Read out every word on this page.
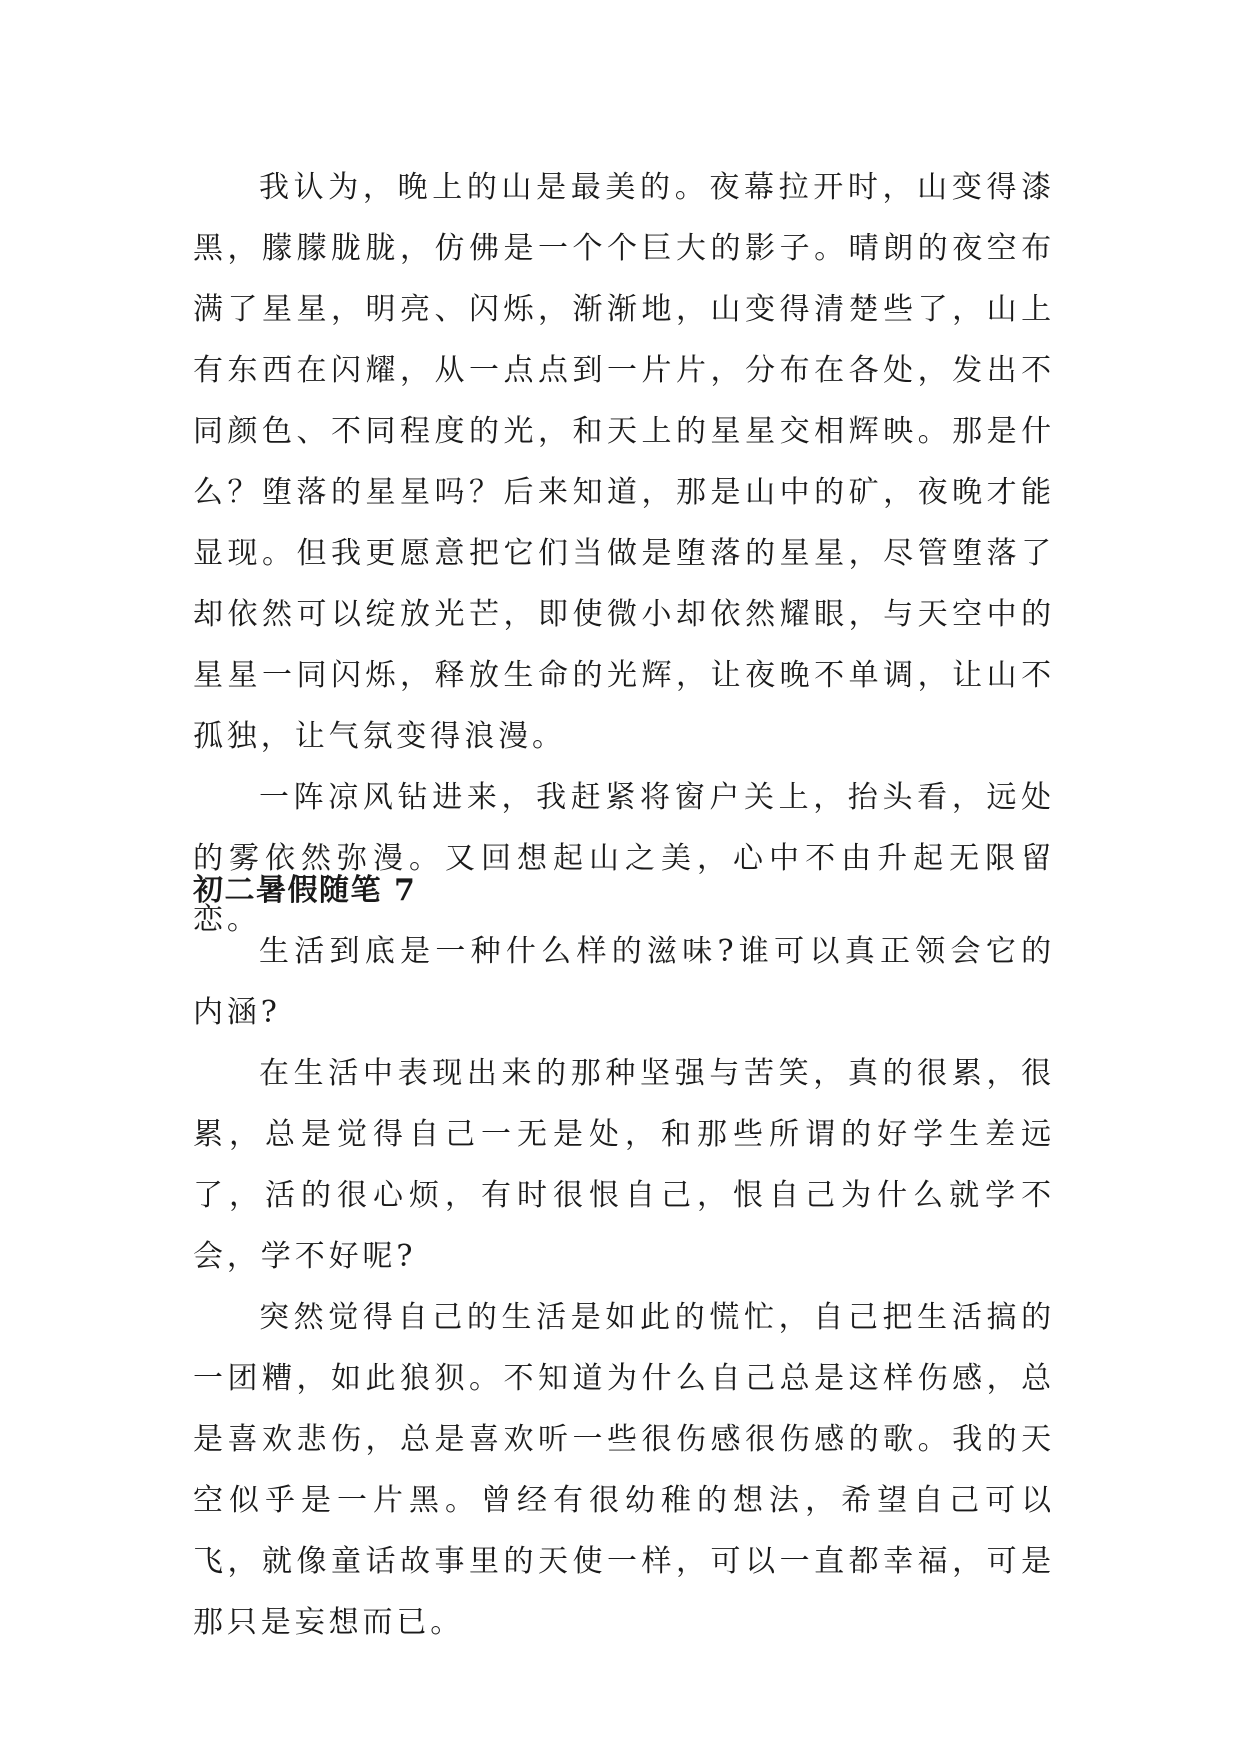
我认为，晚上的山是最美的。夜幕拉开时，山变得漆黑，朦朦胧胧，仿佛是一个个巨大的影子。晴朗的夜空布满了星星，明亮、闪烁，渐渐地，山变得清楚些了，山上有东西在闪耀，从一点点到一片片，分布在各处，发出不同颜色、不同程度的光，和天上的星星交相辉映。那是什么？堕落的星星吗？后来知道，那是山中的矿，夜晚才能显现。但我更愿意把它们当做是堕落的星星，尽管堕落了却依然可以绽放光芒，即使微小却依然耀眼，与天空中的星星一同闪烁，释放生命的光辉，让夜晚不单调，让山不孤独，让气氛变得浪漫。

一阵凉风钻进来，我赶紧将窗户关上，抬头看，远处的雾依然弥漫。又回想起山之美，心中不由升起无限留恋。

初二暑假随笔 7

生活到底是一种什么样的滋味?谁可以真正领会它的内涵?

在生活中表现出来的那种坚强与苦笑，真的很累，很累，总是觉得自己一无是处，和那些所谓的好学生差远了，活的很心烦，有时很恨自己，恨自己为什么就学不会，学不好呢?

突然觉得自己的生活是如此的慌忙，自己把生活搞的一团糟，如此狼狈。不知道为什么自己总是这样伤感，总是喜欢悲伤，总是喜欢听一些很伤感很伤感的歌。我的天空似乎是一片黑。曾经有很幼稚的想法，希望自己可以飞，就像童话故事里的天使一样，可以一直都幸福，可是那只是妄想而已。
